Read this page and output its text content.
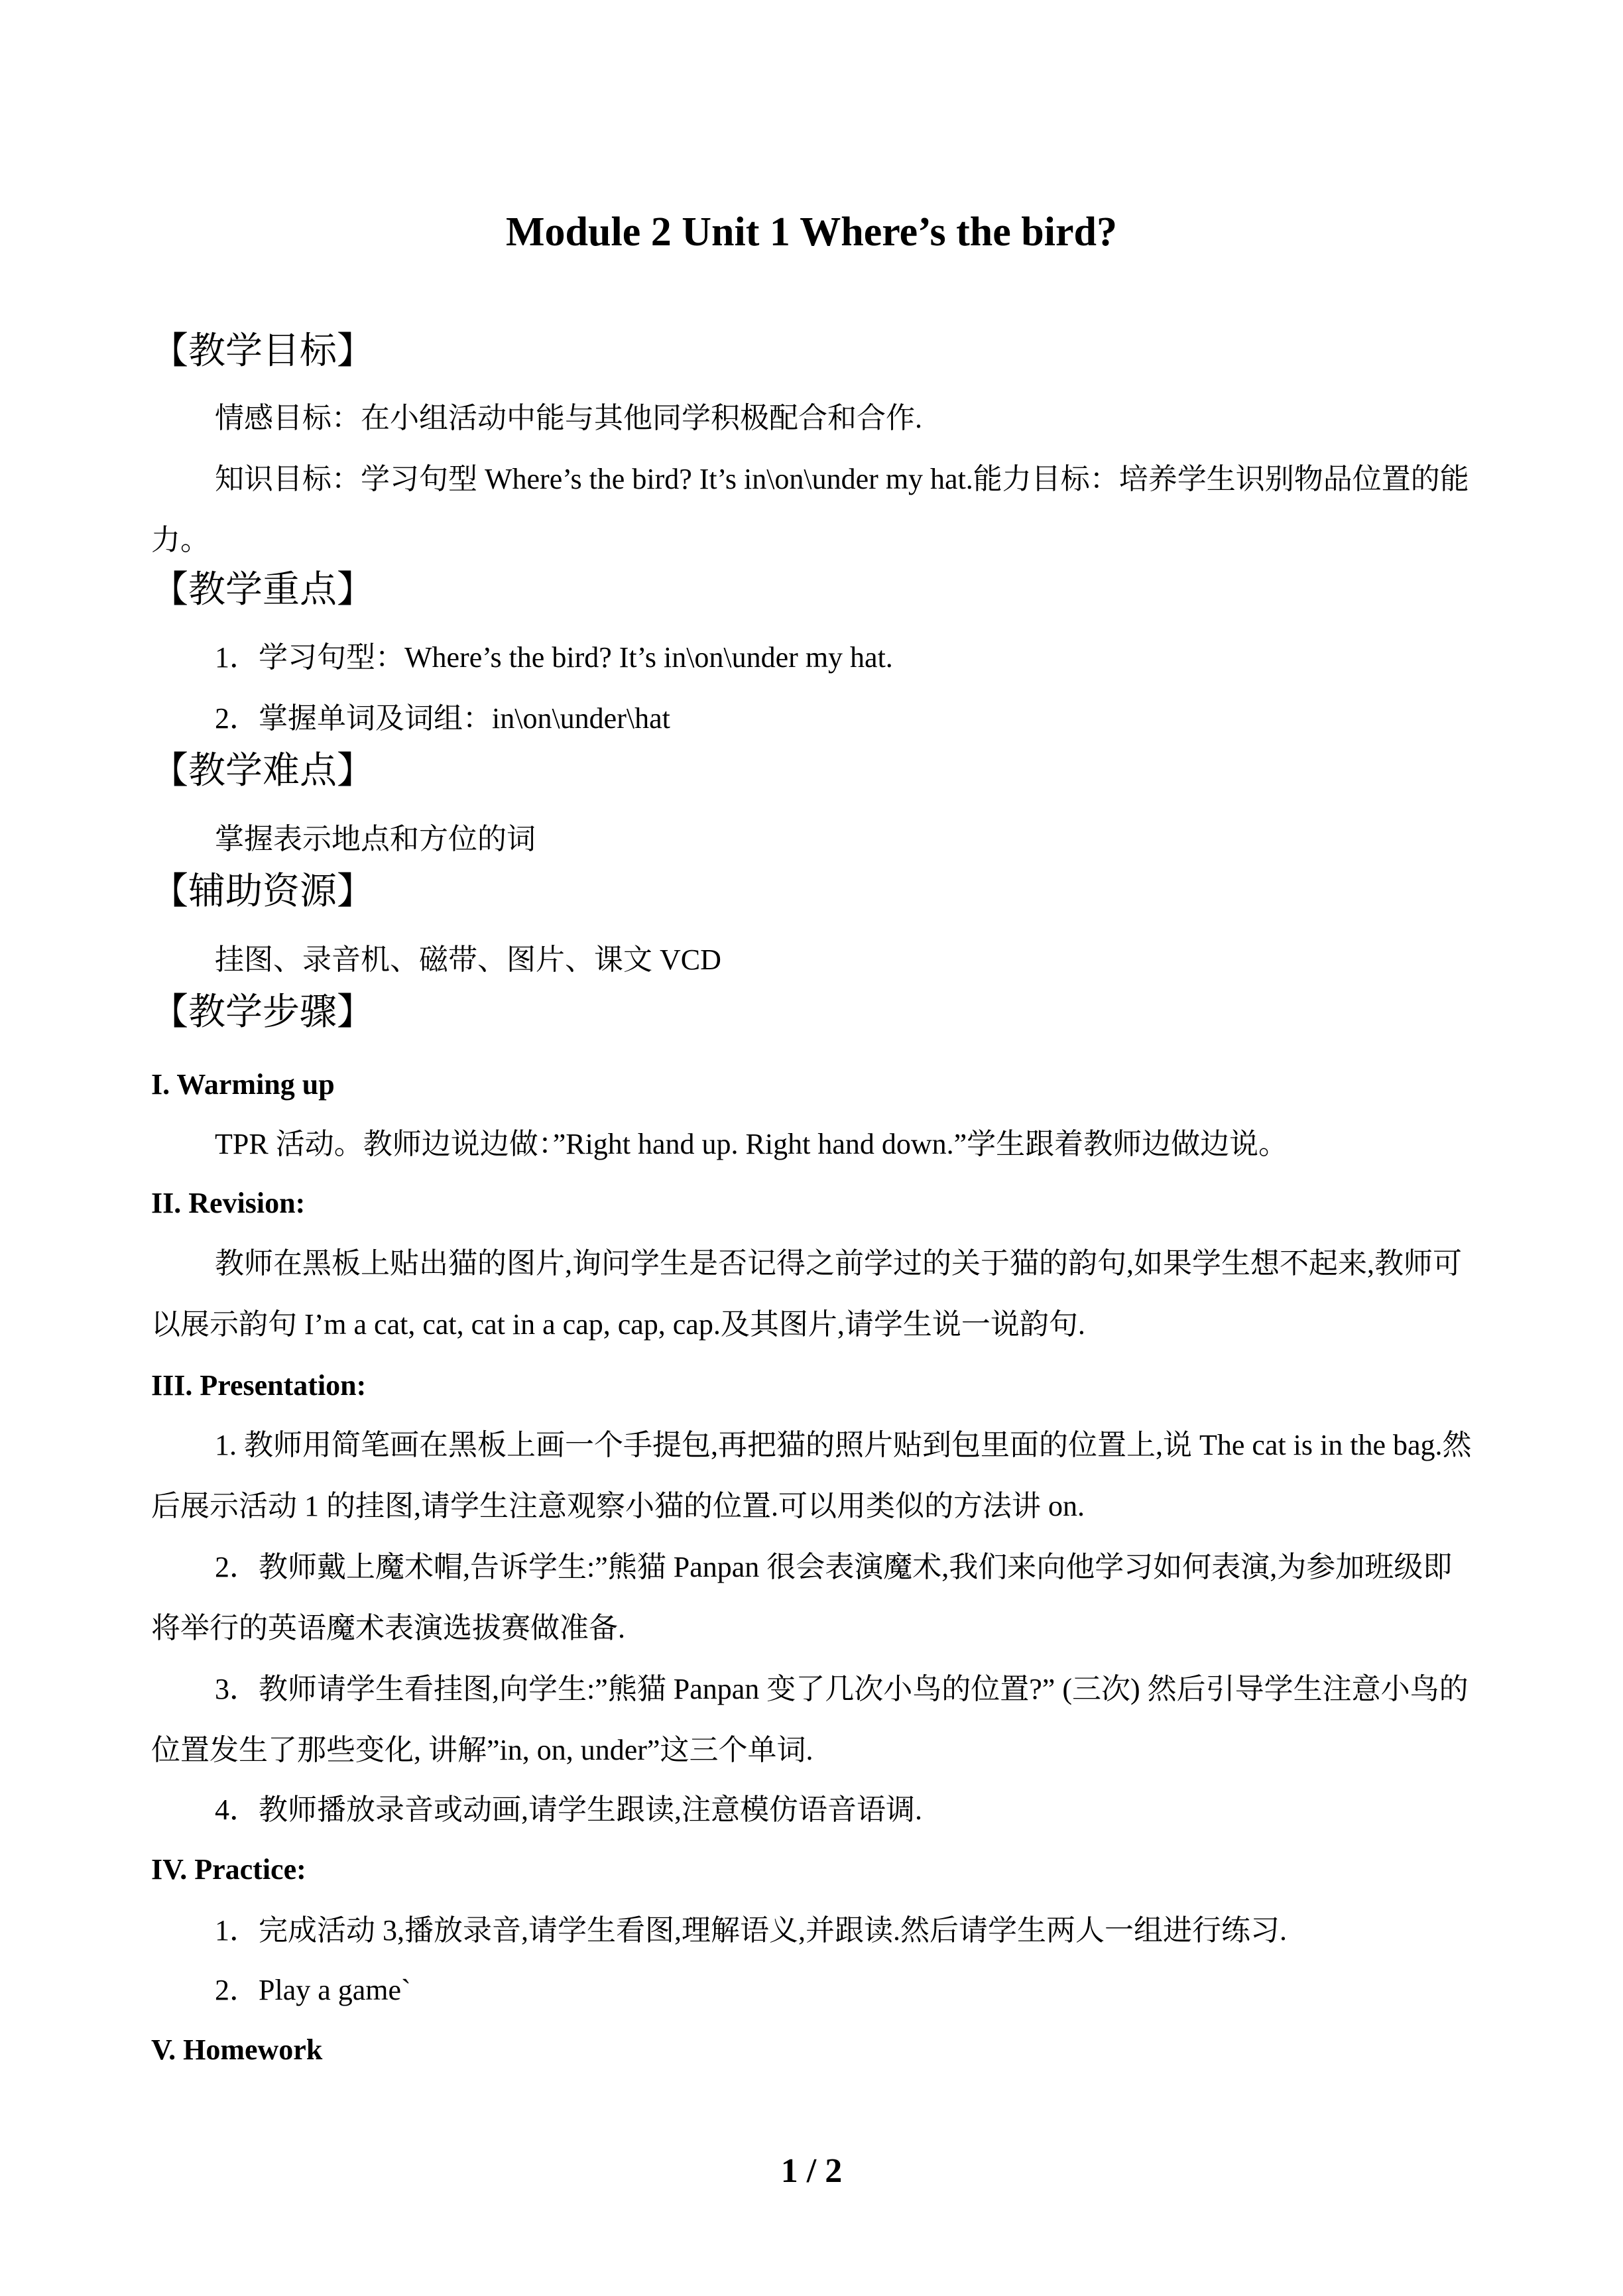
Module 2 Unit 1 Where’s the bird?
【教学目标】
情感目标：在小组活动中能与其他同学积极配合和合作.
知识目标：学习句型 Where’s the bird? It’s in\on\under my hat.能力目标：培养学生识别物品位置的能力。
【教学重点】
1．学习句型：Where’s the bird? It’s in\on\under my hat.
2．掌握单词及词组：in\on\under\hat
【教学难点】
掌握表示地点和方位的词
【辅助资源】
挂图、录音机、磁带、图片、课文 VCD
【教学步骤】
I. Warming up
TPR 活动。教师边说边做：”Right hand up. Right hand down.”学生跟着教师边做边说。
II. Revision:
教师在黑板上贴出猫的图片,询问学生是否记得之前学过的关于猫的韵句,如果学生想不起来,教师可以展示韵句 I’m a cat, cat, cat in a cap, cap, cap.及其图片,请学生说一说韵句.
III. Presentation:
1. 教师用简笔画在黑板上画一个手提包,再把猫的照片贴到包里面的位置上,说 The cat is in the bag.然后展示活动 1 的挂图,请学生注意观察小猫的位置.可以用类似的方法讲 on.
2．教师戴上魔术帽,告诉学生:”熊猫 Panpan 很会表演魔术,我们来向他学习如何表演,为参加班级即将举行的英语魔术表演选拔赛做准备.
3．教师请学生看挂图,向学生:”熊猫 Panpan 变了几次小鸟的位置?” (三次) 然后引导学生注意小鸟的位置发生了那些变化, 讲解”in, on, under”这三个单词.
4．教师播放录音或动画,请学生跟读,注意模仿语音语调.
IV. Practice:
1．完成活动 3,播放录音,请学生看图,理解语义,并跟读.然后请学生两人一组进行练习.
2．Play a game`
V. Homework
1 / 2
